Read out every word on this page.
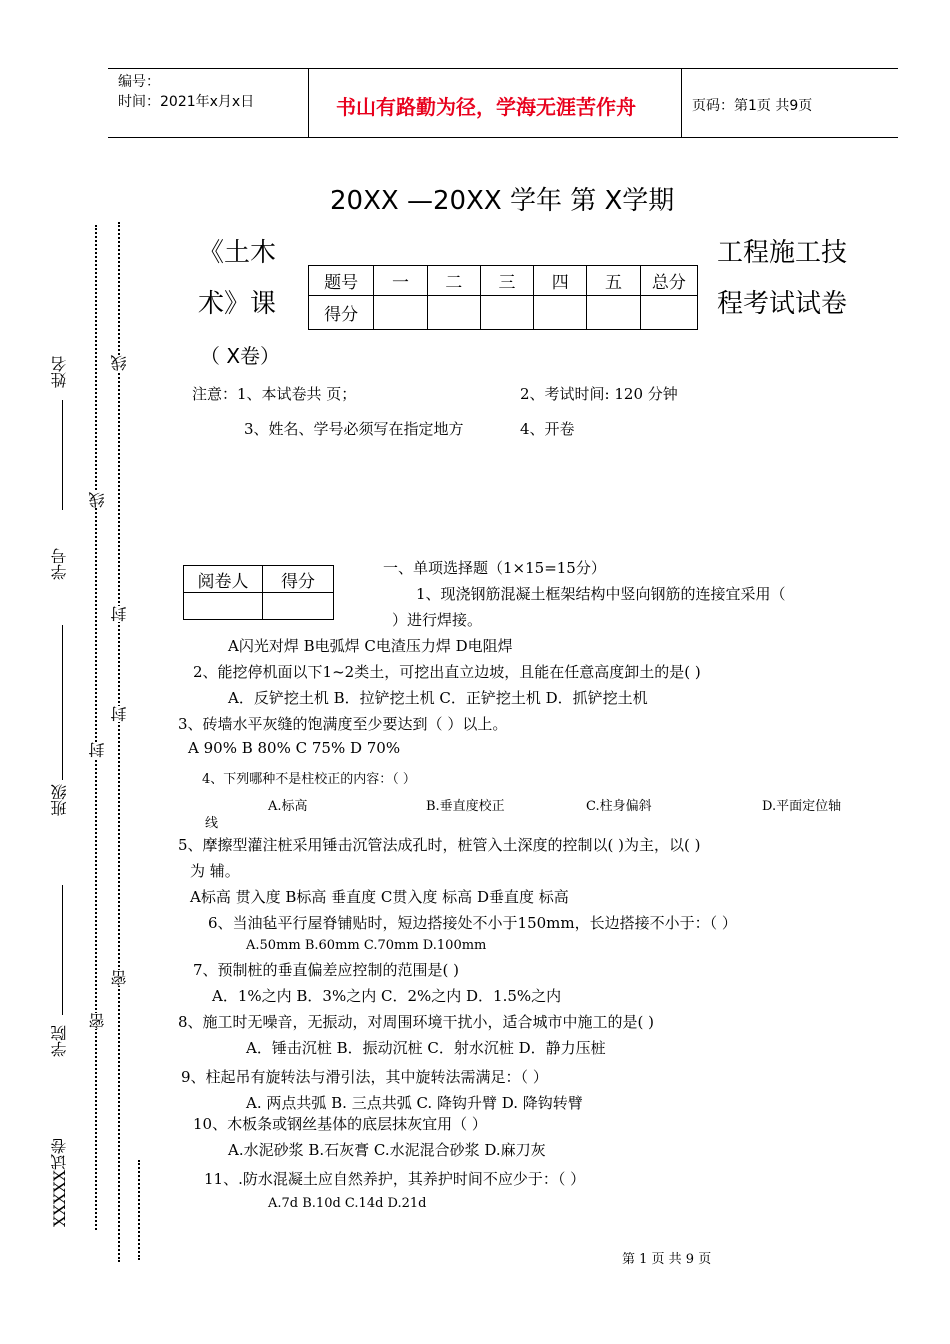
编号：
时间：2021年x月x日	书山有路勤为径，学海无涯苦作舟	页码：第1页 共9页
20XX —20XX 学年 第 X学期
《土木
术》课
工程施工技
程考试试卷
（ X卷）
题号	一	二	三	四	五	总分
得分						
注意：1、本试卷共 页；	2、考试时间: 120 分钟
3、姓名、学号必须写在指定地方	4、开卷
阅卷人	得分

一、单项选择题（1×15=15分）
1、现浇钢筋混凝土框架结构中竖向钢筋的连接宜采用（
）进行焊接。
A闪光对焊 B电弧焊 C电渣压力焊 D电阻焊
2、能挖停机面以下1~2类土，可挖出直立边坡，且能在任意高度卸土的是( )
A．反铲挖土机 B．拉铲挖土机 C．正铲挖土机 D．抓铲挖土机
3、砖墙水平灰缝的饱满度至少要达到（ ）以上。
A 90% B 80% C 75% D 70%
4、下列哪种不是柱校正的内容：（ ）
A.标高	B.垂直度校正	C.柱身偏斜	D.平面定位轴
线
5、摩擦型灌注桩采用锤击沉管法成孔时，桩管入土深度的控制以( )为主，以( )
为 辅。
A标高 贯入度 B标高 垂直度 C贯入度 标高 D垂直度 标高
6、当油毡平行屋脊铺贴时，短边搭接处不小于150mm，长边搭接不小于：（ ）
A.50mm B.60mm C.70mm D.100mm
7、预制桩的垂直偏差应控制的范围是( )
A．1%之内 B．3%之内 C．2%之内 D．1.5%之内
8、施工时无噪音，无振动，对周围环境干扰小，适合城市中施工的是( )
A．锤击沉桩 B．振动沉桩 C．射水沉桩 D．静力压桩
9、柱起吊有旋转法与滑引法，其中旋转法需满足：（ ）
A. 两点共弧 B. 三点共弧 C. 降钩升臂 D. 降钩转臂
10、木板条或钢丝基体的底层抹灰宜用（ ）
A.水泥砂浆 B.石灰膏 C.水泥混合砂浆 D.麻刀灰
11、.防水混凝土应自然养护，其养护时间不应少于：（ ）
A.7d B.10d C.14d D.21d
第 1 页 共 9 页
姓名
学号
班级
学院
XXXXX试卷
线
线
封
封
封
密
密
